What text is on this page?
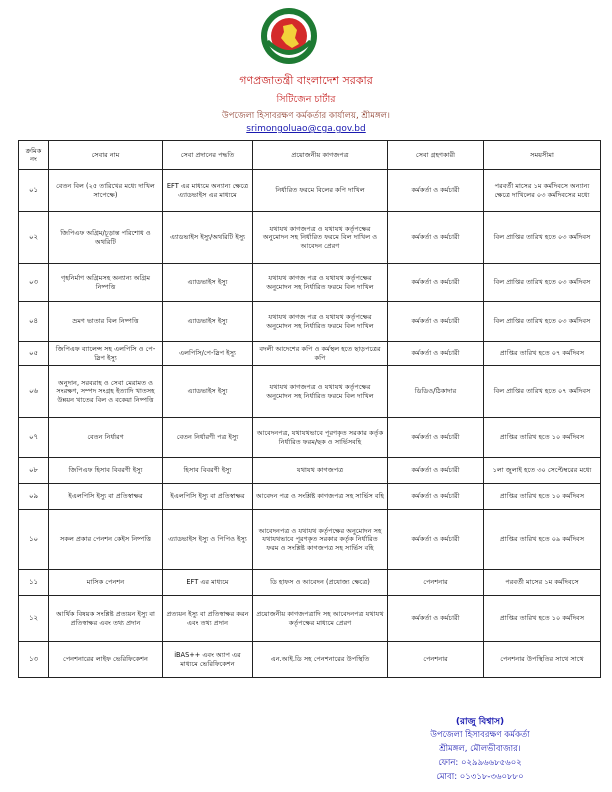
গণপ্রজাতন্ত্রী বাংলাদেশ সরকার
সিটিজেন চার্টার
উপজেলা হিসাবরক্ষণ কর্মকর্তার কার্যালয়, শ্রীমঙ্গল।
srimongoluao@cga.gov.bd
ক্রমিক নং	সেবার নাম	সেবা প্রদানের পদ্ধতি	প্রয়োজনীয় কাগজপত্র	সেবা গ্রহণকারী	সময়সীমা
০১	বেতন বিল (২৫ তারিখের মধ্যে দাখিল সাপেক্ষে)	EFT এর মাধ্যমে অন্যান্য ক্ষেত্রে এ্যাডভাইস এর মাধ্যমে	নির্ধারিত ফরমে বিলের কপি দাখিল	কর্মকর্তা ও কর্মচারী	পরবর্তী মাসের ১ম কর্মদিবসে অন্যান্য ক্ষেত্রে দাখিলের ০৩ কর্মদিবসের মধ্যে
০২	জিপিএফ অগ্রিম/চূড়ান্ত পরিশোধ ও অথরিটি	এ্যাডভাইস ইস্যু/অথরিটি ইস্যু	যথাযথ কাগজপত্র ও যথাযথ কর্তৃপক্ষের অনুমোদন সহ নির্ধারিত ফরমে বিল দাখিল ও আবেদন প্রেরণ	কর্মকর্তা ও কর্মচারী	বিল প্রাপ্তির তারিখ হতে ০৩ কর্মদিবস
০৩	গৃহনির্মাণ অগ্রিমসহ অন্যান্য অগ্রিম নিষ্পত্তি	এ্যাডভাইস ইস্যু	যথাযথ কাগজ পত্র ও যথাযথ কর্তৃপক্ষের অনুমোদন সহ নির্ধারিত ফরমে বিল দাখিল	কর্মকর্তা ও কর্মচারী	বিল প্রাপ্তির তারিখ হতে ০৩ কর্মদিবস
০৪	ভ্রমণ ভাতার বিল নিষ্পত্তি	এ্যাডভাইস ইস্যু	যথাযথ কাগজ পত্র ও যথাযথ কর্তৃপক্ষের অনুমোদন সহ নির্ধারিত ফরমে বিল দাখিল	কর্মকর্তা ও কর্মচারী	বিল প্রাপ্তির তারিখ হতে ০৩ কর্মদিবস
০৫	জিপিএফ ব্যালেন্স সহ এলপিসি ও পে-স্লিপ ইস্যু	এলপিসি/পে-স্লিপ ইস্যু	বদলী আদেশের কপি ও কর্মস্থল হতে ছাড়পত্রের কপি	কর্মকর্তা ও কর্মচারী	প্রাপ্তির তারিখ হতে ০৭ কর্মদিবস
০৬	অনুদান, সরবরাহ ও সেবা মেরামত ও সংরক্ষণ, সম্পদ সংগ্রহ ইত্যাদি খাতসহ উন্নয়ন খাতের বিল ও বকেয়া নিষ্পত্তি	এ্যাডভাইস ইস্যু	যথাযথ কাগজপত্র ও যথাযথ কর্তৃপক্ষের অনুমোদন সহ নির্ধারিত ফরমে বিল দাখিল	ডিডিও/ঠিকাদার	বিল প্রাপ্তির তারিখ হতে ০৭ কর্মদিবস
০৭	বেতন নির্ধারণ	বেতন নির্ধারণী পত্র ইস্যু	আবেদনপত্র, যথাযথভাবে পূরণকৃত সরকার কর্তৃক নির্ধারিত ফরম/ছক ও সার্ভিসবহি	কর্মকর্তা ও কর্মচারী	প্রাপ্তির তারিখ হতে ১০ কর্মদিবস
০৮	জিপিএফ হিসাব বিবরণী ইস্যু	হিসাব বিবরণী ইস্যু	যথাযথ কাগজপত্র	কর্মকর্তা ও কর্মচারী	১লা জুলাই হতে ৩০ সেপ্টেম্বরের মধ্যে
০৯	ইএলপিসি ইস্যু বা প্রতিস্বাক্ষর	ইএলপিসি ইস্যু বা প্রতিস্বাক্ষর	আবেদন পত্র ও সংশ্লিষ্ট কাগজপত্র সহ সার্ভিস বহি	কর্মকর্তা ও কর্মচারী	প্রাপ্তির তারিখ হতে ১০ কর্মদিবস
১০	সকল প্রকার পেনশন কেইস নিষ্পত্তি	এ্যাডভাইস ইস্যু ও পিপিও ইস্যু	আবেদনপত্র ও যথাযথ কর্তৃপক্ষের অনুমোদন সহ যথাযথভাবে পূরণকৃত সরকার কর্তৃক নির্ধারিত ফরম ও সংশ্লিষ্ট কাগজপত্র সহ সার্ভিস বহি	কর্মকর্তা ও কর্মচারী	প্রাপ্তির তারিখ হতে ০৯ কর্মদিবস
১১	মাসিক পেনশন	EFT এর মাধ্যমে	ডি হাফস ও আবেদন (প্রযোজ্য ক্ষেত্রে)	পেনশনার	পরবর্তী মাসের ১ম কর্মদিবসে
১২	আর্থিক বিষয়ক সংশ্লিষ্ট প্রত্যয়ন ইস্যু বা প্রতিস্বাক্ষর এবং তথ্য প্রদান	প্রত্যয়ন ইস্যু বা প্রতিস্বাক্ষর করন এবং তথ্য প্রদান	প্রয়োজনীয় কাগজপত্রাদি সহ আবেদনপত্র যথাযথ কর্তৃপক্ষের মাধ্যমে প্রেরণ	কর্মকর্তা ও কর্মচারী	প্রাপ্তির তারিখ হতে ১০ কর্মদিবস
১৩	পেনশনারের লাইফ ভেরিফিকেশন	iBAS++ এবং অ্যাপ এর মাধ্যমে ভেরিফিকেশন	এন.আই.ডি সহ পেনশনারের উপস্থিতি	পেনশনার	পেনশনার উপস্থিতির সাথে সাথে
(রাজু বিশ্বাস)
উপজেলা হিসাবরক্ষণ কর্মকর্তা
শ্রীমঙ্গল, মৌলভীবাজার।
ফোন: ০২৯৯৬৬৮৫৬০২
মোবা: ০১৩১৮-৩৬০৮৮০
